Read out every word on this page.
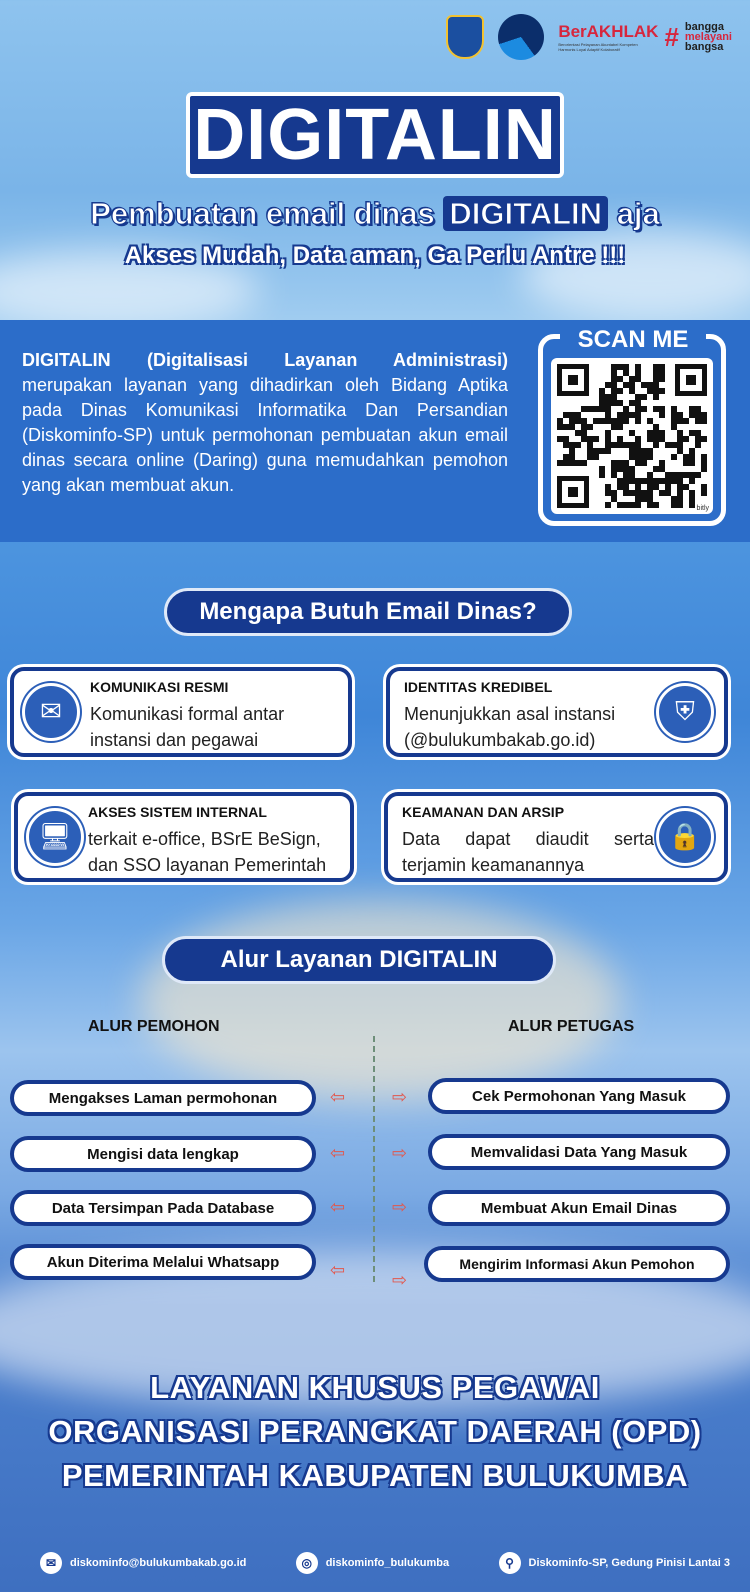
BerAKHLAK
Berorientasi Pelayanan Akuntabel Kompeten Harmonis Loyal Adaptif Kolaboratif	# bangga
melayani
bangsa
DIGITALIN
Pembuatan email dinas DIGITALIN aja
Akses Mudah, Data aman, Ga Perlu Antre !!!
DIGITALIN (Digitalisasi Layanan Administrasi) merupakan layanan yang dihadirkan oleh Bidang Aptika pada Dinas Komunikasi Informatika Dan Persandian (Diskominfo-SP) untuk permohonan pembuatan akun email dinas secara online (Daring) guna memudahkan pemohon yang akan membuat akun.
SCAN ME
bitly
Mengapa Butuh Email Dinas?
✉
KOMUNIKASI RESMI
Komunikasi formal antar instansi dan pegawai
IDENTITAS KREDIBEL
Menunjukkan asal instansi (@bulukumbakab.go.id)
⛨
🖥
AKSES SISTEM INTERNAL
terkait e-office, BSrE BeSign, dan SSO layanan Pemerintah
KEAMANAN DAN ARSIP
Data dapat diaudit serta terjamin keamanannya
🔒
Alur Layanan DIGITALIN
ALUR PEMOHON	ALUR PETUGAS
Mengakses Laman permohonan
Mengisi data lengkap
Data Tersimpan Pada Database
Akun Diterima Melalui Whatsapp
Cek Permohonan Yang Masuk
Memvalidasi Data Yang Masuk
Membuat Akun Email Dinas
Mengirim Informasi Akun Pemohon
⇦	⇨
⇦	⇨
⇦	⇨
⇦	⇨
LAYANAN KHUSUS PEGAWAI
ORGANISASI PERANGKAT DAERAH (OPD)
PEMERINTAH KABUPATEN BULUKUMBA
✉	diskominfo@bulukumbakab.go.id	◎	diskominfo_bulukumba	⚲	Diskominfo-SP, Gedung Pinisi Lantai 3
